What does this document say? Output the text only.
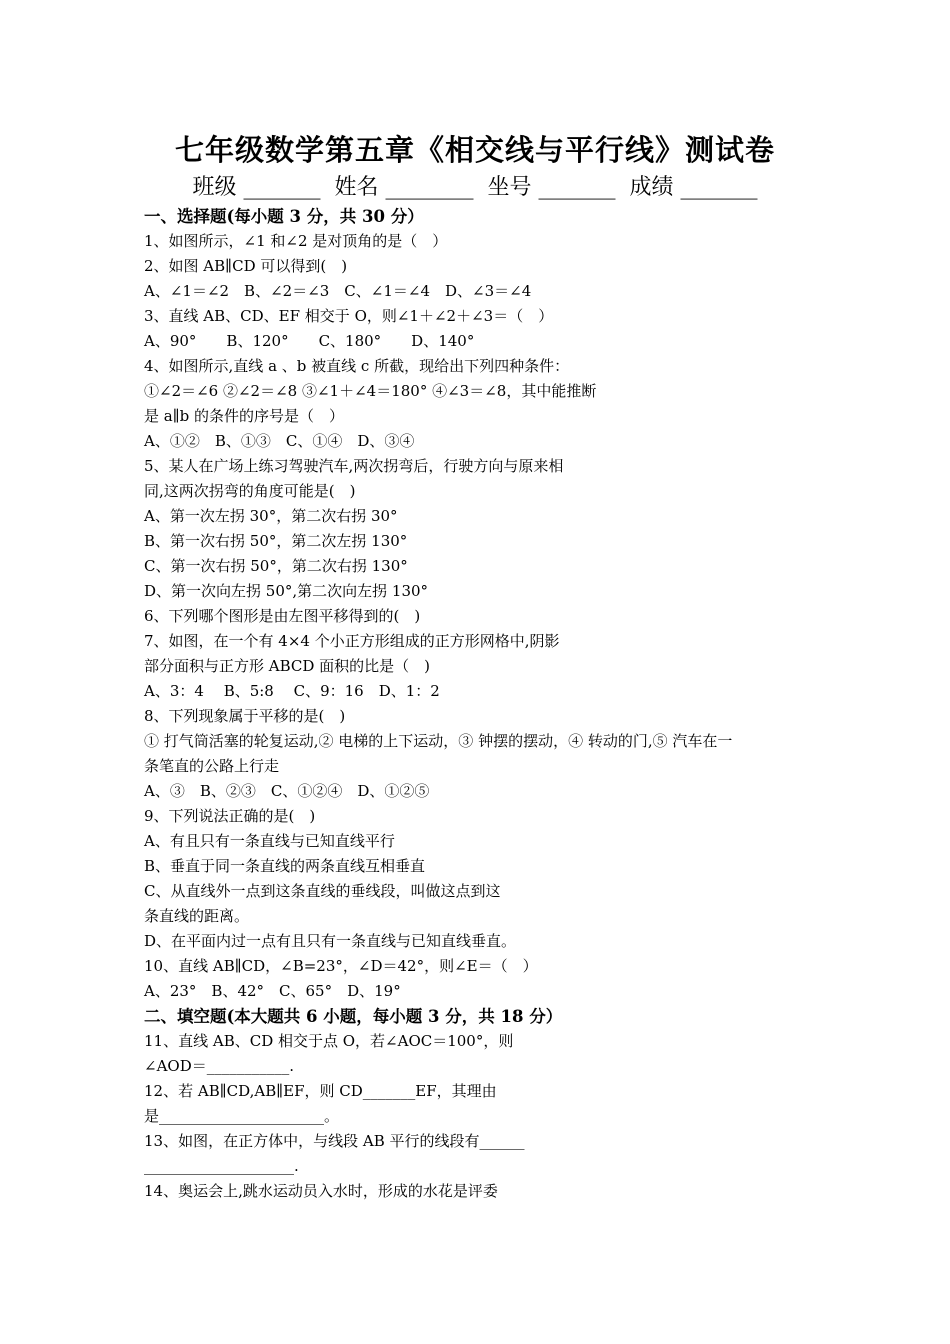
七年级数学第五章《相交线与平行线》测试卷
班级 _______  姓名 ________  坐号 _______  成绩 _______
一、选择题(每小题 3 分，共 30 分）
1、如图所示，∠1 和∠2 是对顶角的是（　）
2、如图 AB∥CD 可以得到(　)
A、∠1＝∠2　B、∠2＝∠3　C、∠1＝∠4　D、∠3＝∠4
3、直线 AB、CD、EF 相交于 O，则∠1＋∠2＋∠3＝（　）
A、90°　　B、120°　　C、180°　　D、140°
4、如图所示,直线 a 、b 被直线 c 所截，现给出下列四种条件：
①∠2＝∠6 ②∠2＝∠8 ③∠1＋∠4＝180° ④∠3＝∠8，其中能推断
是 a∥b 的条件的序号是（　）
A、①②　B、①③　C、①④　D、③④
5、某人在广场上练习驾驶汽车,两次拐弯后，行驶方向与原来相
同,这两次拐弯的角度可能是(　)
A、第一次左拐 30°，第二次右拐 30°
B、第一次右拐 50°，第二次左拐 130°
C、第一次右拐 50°，第二次右拐 130°
D、第一次向左拐 50°,第二次向左拐 130°
6、下列哪个图形是由左图平移得到的(　)
7、如图，在一个有 4×4 个小正方形组成的正方形网格中,阴影
部分面积与正方形 ABCD 面积的比是（　)
A、3：4　 B、5:8　 C、9：16　D、1：2
8、下列现象属于平移的是(　)
① 打气筒活塞的轮复运动,② 电梯的上下运动，③ 钟摆的摆动，④ 转动的门,⑤ 汽车在一
条笔直的公路上行走
A、③　B、②③　C、①②④　D、①②⑤
9、下列说法正确的是(　)
A、有且只有一条直线与已知直线平行
B、垂直于同一条直线的两条直线互相垂直
C、从直线外一点到这条直线的垂线段，叫做这点到这
条直线的距离。
D、在平面内过一点有且只有一条直线与已知直线垂直。
10、直线 AB∥CD，∠B=23°，∠D＝42°，则∠E＝（　）
A、23°　B、42°　C、65°　D、19°
二、填空题(本大题共 6 小题，每小题 3 分，共 18 分）
11、直线 AB、CD 相交于点 O，若∠AOC＝100°，则
∠AOD＝___________.
12、若 AB∥CD,AB∥EF，则 CD_______EF，其理由
是______________________。
13、如图，在正方体中，与线段 AB 平行的线段有______
____________________.
14、奥运会上,跳水运动员入水时，形成的水花是评委
